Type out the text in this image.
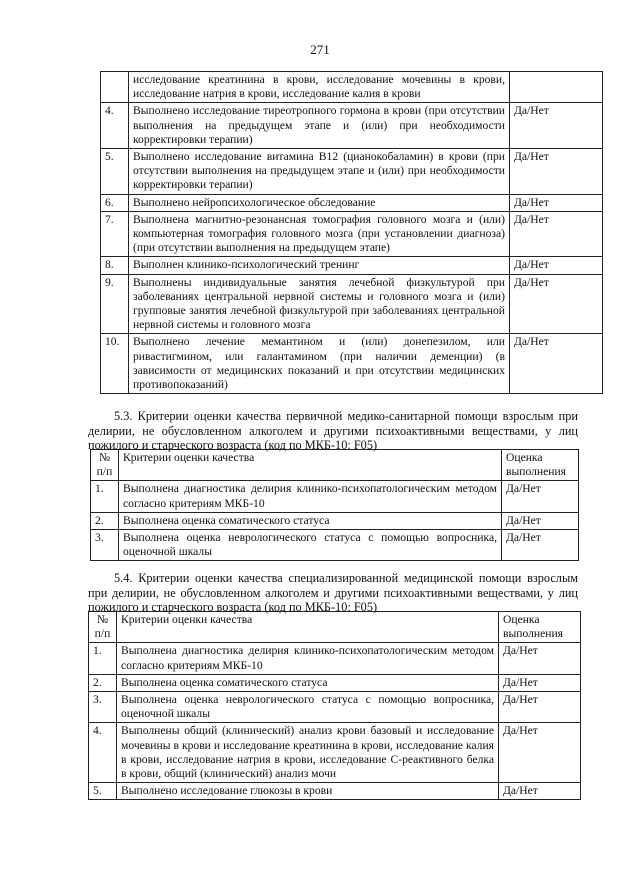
271
	исследование креатинина в крови, исследование мочевины в крови, исследование натрия в крови, исследование калия в крови	
4.	Выполнено исследование тиреотропного гормона в крови (при отсутствии выполнения на предыдущем этапе и (или) при необходимости корректировки терапии)	Да/Нет
5.	Выполнено исследование витамина В12 (цианокобаламин) в крови (при отсутствии выполнения на предыдущем этапе и (или) при необходимости корректировки терапии)	Да/Нет
6.	Выполнено нейропсихологическое обследование	Да/Нет
7.	Выполнена магнитно-резонансная томография головного мозга и (или) компьютерная томография головного мозга (при установлении диагноза) (при отсутствии выполнения на предыдущем этапе)	Да/Нет
8.	Выполнен клинико-психологический тренинг	Да/Нет
9.	Выполнены индивидуальные занятия лечебной физкультурой при заболеваниях центральной нервной системы и головного мозга и (или) групповые занятия лечебной физкультурой при заболеваниях центральной нервной системы и головного мозга	Да/Нет
10.	Выполнено лечение мемантином и (или) донепезилом, или ривастигмином, или галантамином (при наличии деменции) (в зависимости от медицинских показаний и при отсутствии медицинских противопоказаний)	Да/Нет
5.3. Критерии оценки качества первичной медико-санитарной помощи взрослым при делирии, не обусловленном алкоголем и другими психоактивными веществами, у лиц пожилого и старческого возраста (код по МКБ-10: F05)
№ п/п	Критерии оценки качества	Оценка выполнения
1.	Выполнена диагностика делирия клинико-психопатологическим методом согласно критериям МКБ-10	Да/Нет
2.	Выполнена оценка соматического статуса	Да/Нет
3.	Выполнена оценка неврологического статуса с помощью вопросника, оценочной шкалы	Да/Нет
5.4. Критерии оценки качества специализированной медицинской помощи взрослым при делирии, не обусловленном алкоголем и другими психоактивными веществами, у лиц пожилого и старческого возраста (код по МКБ-10: F05)
№ п/п	Критерии оценки качества	Оценка выполнения
1.	Выполнена диагностика делирия клинико-психопатологическим методом согласно критериям МКБ-10	Да/Нет
2.	Выполнена оценка соматического статуса	Да/Нет
3.	Выполнена оценка неврологического статуса с помощью вопросника, оценочной шкалы	Да/Нет
4.	Выполнены общий (клинический) анализ крови базовый и исследование мочевины в крови и исследование креатинина в крови, исследование калия в крови, исследование натрия в крови, исследование С-реактивного белка в крови, общий (клинический) анализ мочи	Да/Нет
5.	Выполнено исследование глюкозы в крови	Да/Нет
